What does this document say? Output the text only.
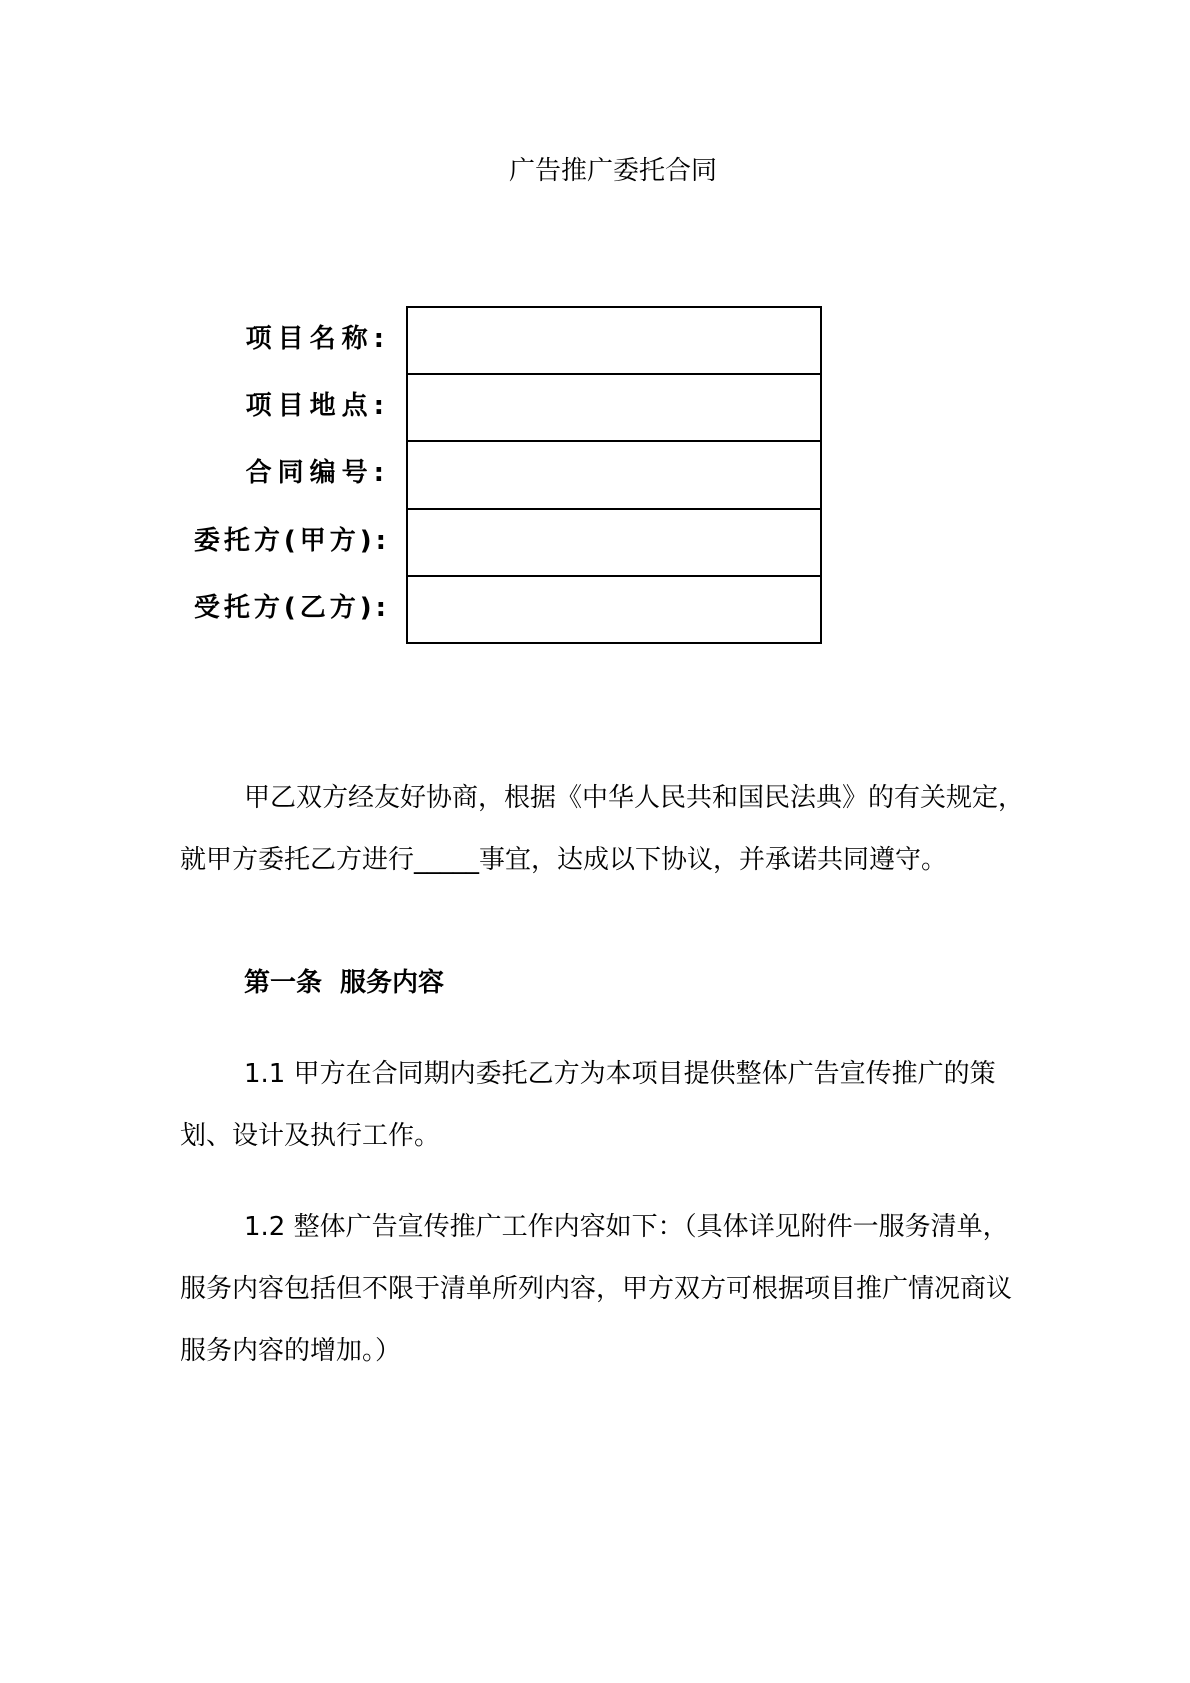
广告推广委托合同
项目名称:
项目地点:
合同编号:
委托方(甲方):
受托方(乙方):

甲乙双方经友好协商，根据《中华人民共和国民法典》的有关规定，就甲方委托乙方进行_____事宜，达成以下协议，并承诺共同遵守。

第一条 服务内容

1.1 甲方在合同期内委托乙方为本项目提供整体广告宣传推广的策划、设计及执行工作。

1.2 整体广告宣传推广工作内容如下：（具体详见附件一服务清单，服务内容包括但不限于清单所列内容，甲方双方可根据项目推广情况商议服务内容的增加。）
